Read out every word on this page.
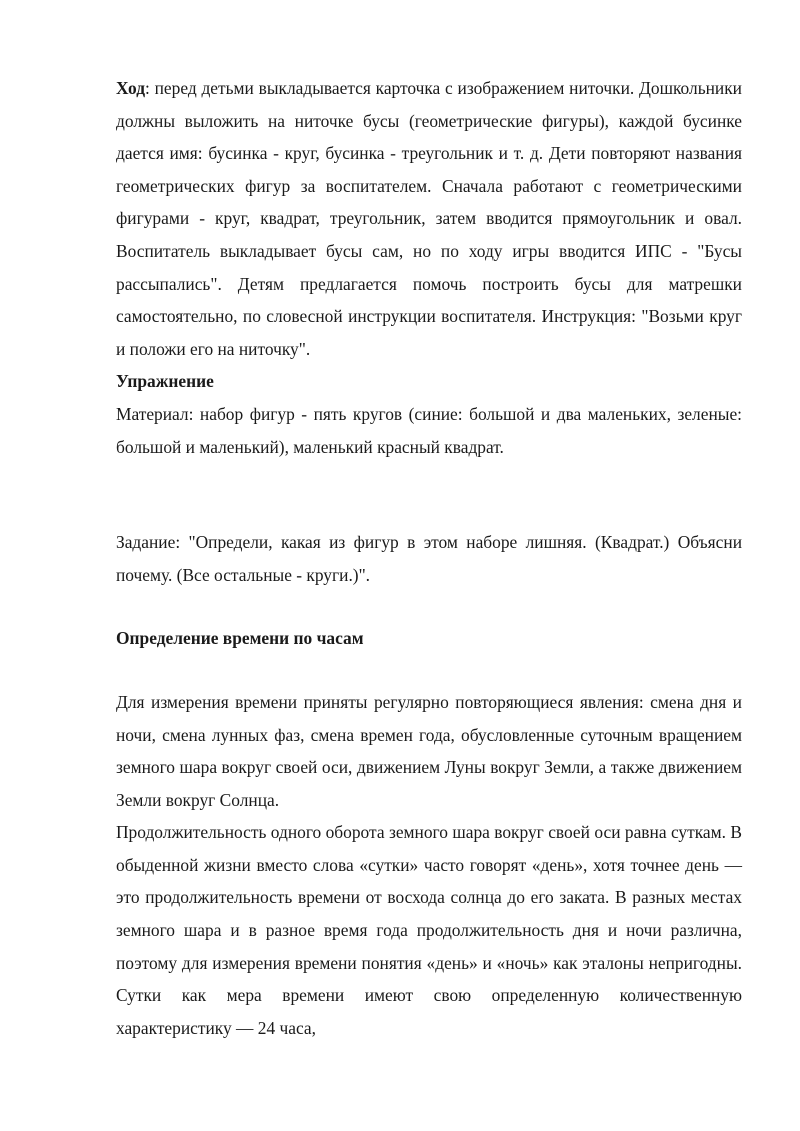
Ход: перед детьми выкладывается карточка с изображением ниточки. Дошкольники должны выложить на ниточке бусы (геометрические фигуры), каждой бусинке дается имя: бусинка - круг, бусинка - треугольник и т. д. Дети повторяют названия геометрических фигур за воспитателем. Сначала работают с геометрическими фигурами - круг, квадрат, треугольник, затем вводится прямоугольник и овал. Воспитатель выкладывает бусы сам, но по ходу игры вводится ИПС - "Бусы рассыпались". Детям предлагается помочь построить бусы для матрешки самостоятельно, по словесной инструкции воспитателя. Инструкция: "Возьми круг и положи его на ниточку".

Упражнение

Материал: набор фигур - пять кругов (синие: большой и два маленьких, зеленые: большой и маленький), маленький красный квадрат.

Задание: "Определи, какая из фигур в этом наборе лишняя. (Квадрат.) Объясни почему. (Все остальные - круги.)".

Определение времени по часам

Для измерения времени приняты регулярно повторяющиеся явления: смена дня и ночи, смена лунных фаз, смена времен года, обусловленные суточным вращением земного шара вокруг своей оси, движением Луны вокруг Земли, а также движением Земли вокруг Солнца.

Продолжительность одного оборота земного шара вокруг своей оси равна суткам. В обыденной жизни вместо слова «сутки» часто говорят «день», хотя точнее день — это продолжительность времени от восхода солнца до его заката. В разных местах земного шара и в разное время года продолжительность дня и ночи различна, поэтому для измерения времени понятия «день» и «ночь» как эталоны непригодны. Сутки как мера времени имеют свою определенную количественную характеристику — 24 часа,
